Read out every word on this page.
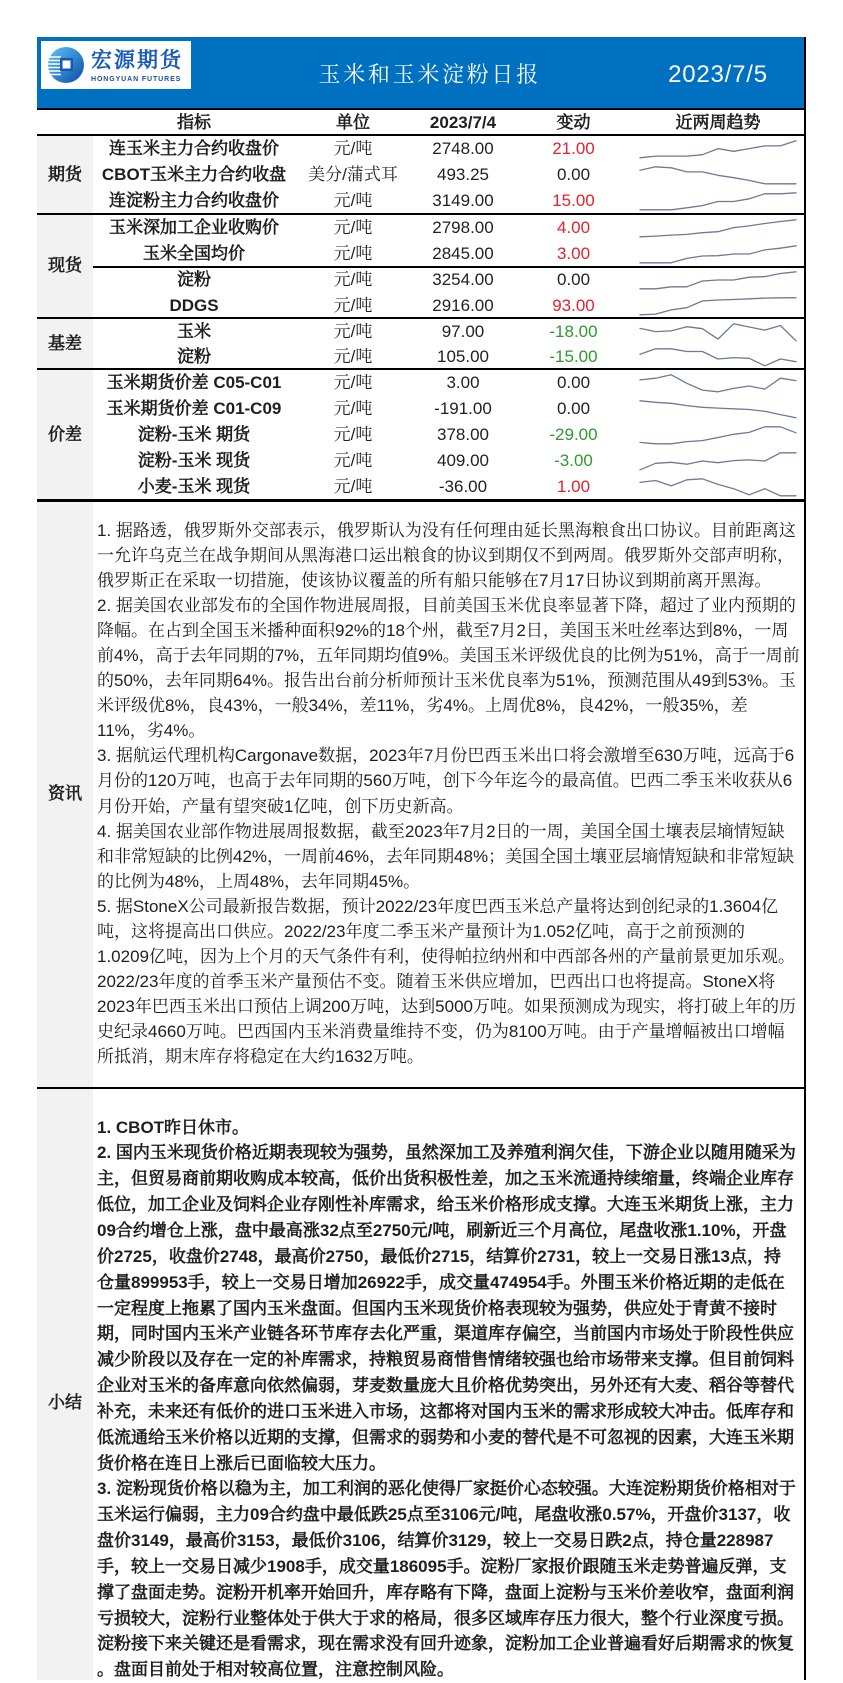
宏源期货
HONGYUAN FUTURES	玉米和玉米淀粉日报	2023/7/5
指标	单位	2023/7/4	变动	近两周趋势
期货
连玉米主力合约收盘价	元/吨	2748.00	21.00
CBOT玉米主力合约收盘	美分/蒲式耳	493.25	0.00
连淀粉主力合约收盘价	元/吨	3149.00	15.00
现货
玉米深加工企业收购价	元/吨	2798.00	4.00
玉米全国均价	元/吨	2845.00	3.00
淀粉	元/吨	3254.00	0.00
DDGS	元/吨	2916.00	93.00
基差
玉米	元/吨	97.00	-18.00
淀粉	元/吨	105.00	-15.00
价差
玉米期货价差 C05-C01	元/吨	3.00	0.00
玉米期货价差 C01-C09	元/吨	-191.00	0.00
淀粉-玉米 期货	元/吨	378.00	-29.00
淀粉-玉米 现货	元/吨	409.00	-3.00
小麦-玉米 现货	元/吨	-36.00	1.00
资讯
1. 据路透，俄罗斯外交部表示，俄罗斯认为没有任何理由延长黑海粮食出口协议。目前距离这
一允许乌克兰在战争期间从黑海港口运出粮食的协议到期仅不到两周。俄罗斯外交部声明称，
俄罗斯正在采取一切措施，使该协议覆盖的所有船只能够在7月17日协议到期前离开黑海。
2. 据美国农业部发布的全国作物进展周报，目前美国玉米优良率显著下降，超过了业内预期的
降幅。在占到全国玉米播种面积92%的18个州，截至7月2日，美国玉米吐丝率达到8%，一周
前4%，高于去年同期的7%，五年同期均值9%。美国玉米评级优良的比例为51%，高于一周前
的50%，去年同期64%。报告出台前分析师预计玉米优良率为51%，预测范围从49到53%。玉
米评级优8%，良43%，一般34%，差11%，劣4%。上周优8%，良42%，一般35%，差
11%，劣4%。
3. 据航运代理机构Cargonave数据，2023年7月份巴西玉米出口将会激增至630万吨，远高于6
月份的120万吨，也高于去年同期的560万吨，创下今年迄今的最高值。巴西二季玉米收获从6
月份开始，产量有望突破1亿吨，创下历史新高。
4. 据美国农业部作物进展周报数据，截至2023年7月2日的一周，美国全国土壤表层墒情短缺
和非常短缺的比例42%，一周前46%，去年同期48%；美国全国土壤亚层墒情短缺和非常短缺
的比例为48%，上周48%，去年同期45%。
5. 据StoneX公司最新报告数据，预计2022/23年度巴西玉米总产量将达到创纪录的1.3604亿
吨，这将提高出口供应。2022/23年度二季玉米产量预计为1.052亿吨，高于之前预测的
1.0209亿吨，因为上个月的天气条件有利，使得帕拉纳州和中西部各州的产量前景更加乐观。
2022/23年度的首季玉米产量预估不变。随着玉米供应增加，巴西出口也将提高。StoneX将
2023年巴西玉米出口预估上调200万吨，达到5000万吨。如果预测成为现实，将打破上年的历
史纪录4660万吨。巴西国内玉米消费量维持不变，仍为8100万吨。由于产量增幅被出口增幅
所抵消，期末库存将稳定在大约1632万吨。
小结
1. CBOT昨日休市。
2. 国内玉米现货价格近期表现较为强势，虽然深加工及养殖利润欠佳，下游企业以随用随采为
主，但贸易商前期收购成本较高，低价出货积极性差，加之玉米流通持续缩量，终端企业库存
低位，加工企业及饲料企业存刚性补库需求，给玉米价格形成支撑。大连玉米期货上涨，主力
09合约增仓上涨，盘中最高涨32点至2750元/吨，刷新近三个月高位，尾盘收涨1.10%，开盘
价2725，收盘价2748，最高价2750，最低价2715，结算价2731，较上一交易日涨13点，持
仓量899953手，较上一交易日增加26922手，成交量474954手。外围玉米价格近期的走低在
一定程度上拖累了国内玉米盘面。但国内玉米现货价格表现较为强势，供应处于青黄不接时
期，同时国内玉米产业链各环节库存去化严重，渠道库存偏空，当前国内市场处于阶段性供应
减少阶段以及存在一定的补库需求，持粮贸易商惜售情绪较强也给市场带来支撑。但目前饲料
企业对玉米的备库意向依然偏弱，芽麦数量庞大且价格优势突出，另外还有大麦、稻谷等替代
补充，未来还有低价的进口玉米进入市场，这都将对国内玉米的需求形成较大冲击。低库存和
低流通给玉米价格以近期的支撑，但需求的弱势和小麦的替代是不可忽视的因素，大连玉米期
货价格在连日上涨后已面临较大压力。
3. 淀粉现货价格以稳为主，加工利润的恶化使得厂家挺价心态较强。大连淀粉期货价格相对于
玉米运行偏弱，主力09合约盘中最低跌25点至3106元/吨，尾盘收涨0.57%，开盘价3137，收
盘价3149，最高价3153，最低价3106，结算价3129，较上一交易日跌2点，持仓量228987
手，较上一交易日减少1908手，成交量186095手。淀粉厂家报价跟随玉米走势普遍反弹，支
撑了盘面走势。淀粉开机率开始回升，库存略有下降，盘面上淀粉与玉米价差收窄，盘面利润
亏损较大，淀粉行业整体处于供大于求的格局，很多区域库存压力很大，整个行业深度亏损。
淀粉接下来关键还是看需求，现在需求没有回升迹象，淀粉加工企业普遍看好后期需求的恢复
。盘面目前处于相对较高位置，注意控制风险。
